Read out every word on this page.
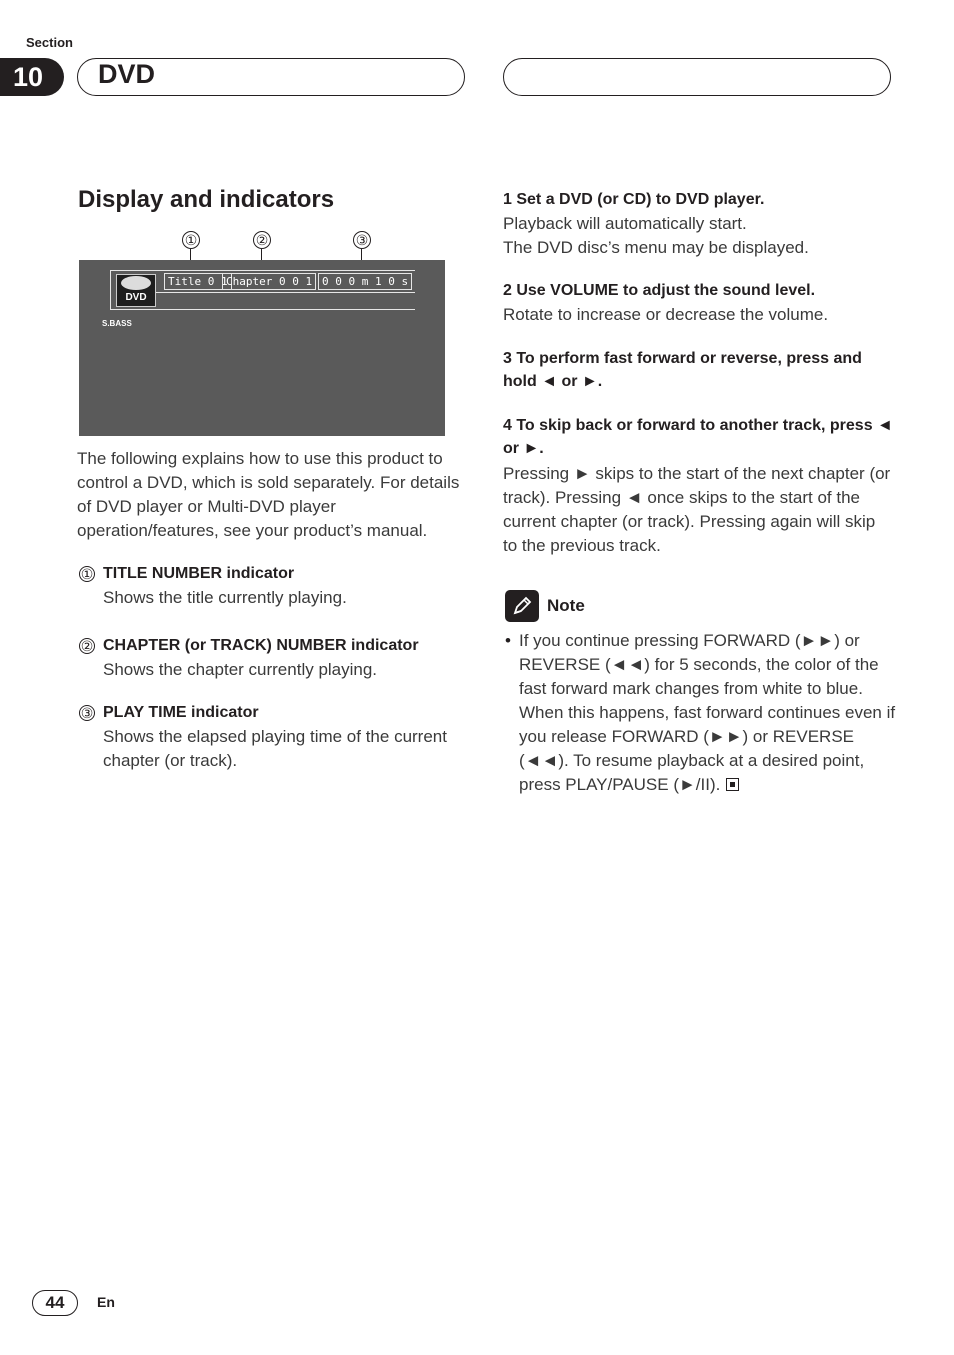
Section
10	DVD
Display and indicators
①	②	③
DVD
Title 0 1
Chapter 0 0 1 0 0 0 m 1 0 s
S.BASS
The following explains how to use this product to control a DVD, which is sold separately. For details of DVD player or Multi-DVD player operation/features, see your product’s manual.
① TITLE NUMBER indicator
Shows the title currently playing.
② CHAPTER (or TRACK) NUMBER indicator
Shows the chapter currently playing.
③ PLAY TIME indicator
Shows the elapsed playing time of the current chapter (or track).
1 Set a DVD (or CD) to DVD player.
Playback will automatically start.
The DVD disc’s menu may be displayed.
2 Use VOLUME to adjust the sound level.
Rotate to increase or decrease the volume.
3 To perform fast forward or reverse, press and hold ◄ or ►.
4 To skip back or forward to another track, press ◄ or ►.
Pressing ► skips to the start of the next chapter (or track). Pressing ◄ once skips to the start of the current chapter (or track). Pressing again will skip to the previous track.
Note
• If you continue pressing FORWARD (►►) or REVERSE (◄◄) for 5 seconds, the color of the fast forward mark changes from white to blue. When this happens, fast forward continues even if you release FORWARD (►►) or REVERSE (◄◄). To resume playback at a desired point, press PLAY/PAUSE (►/II).
44	En
